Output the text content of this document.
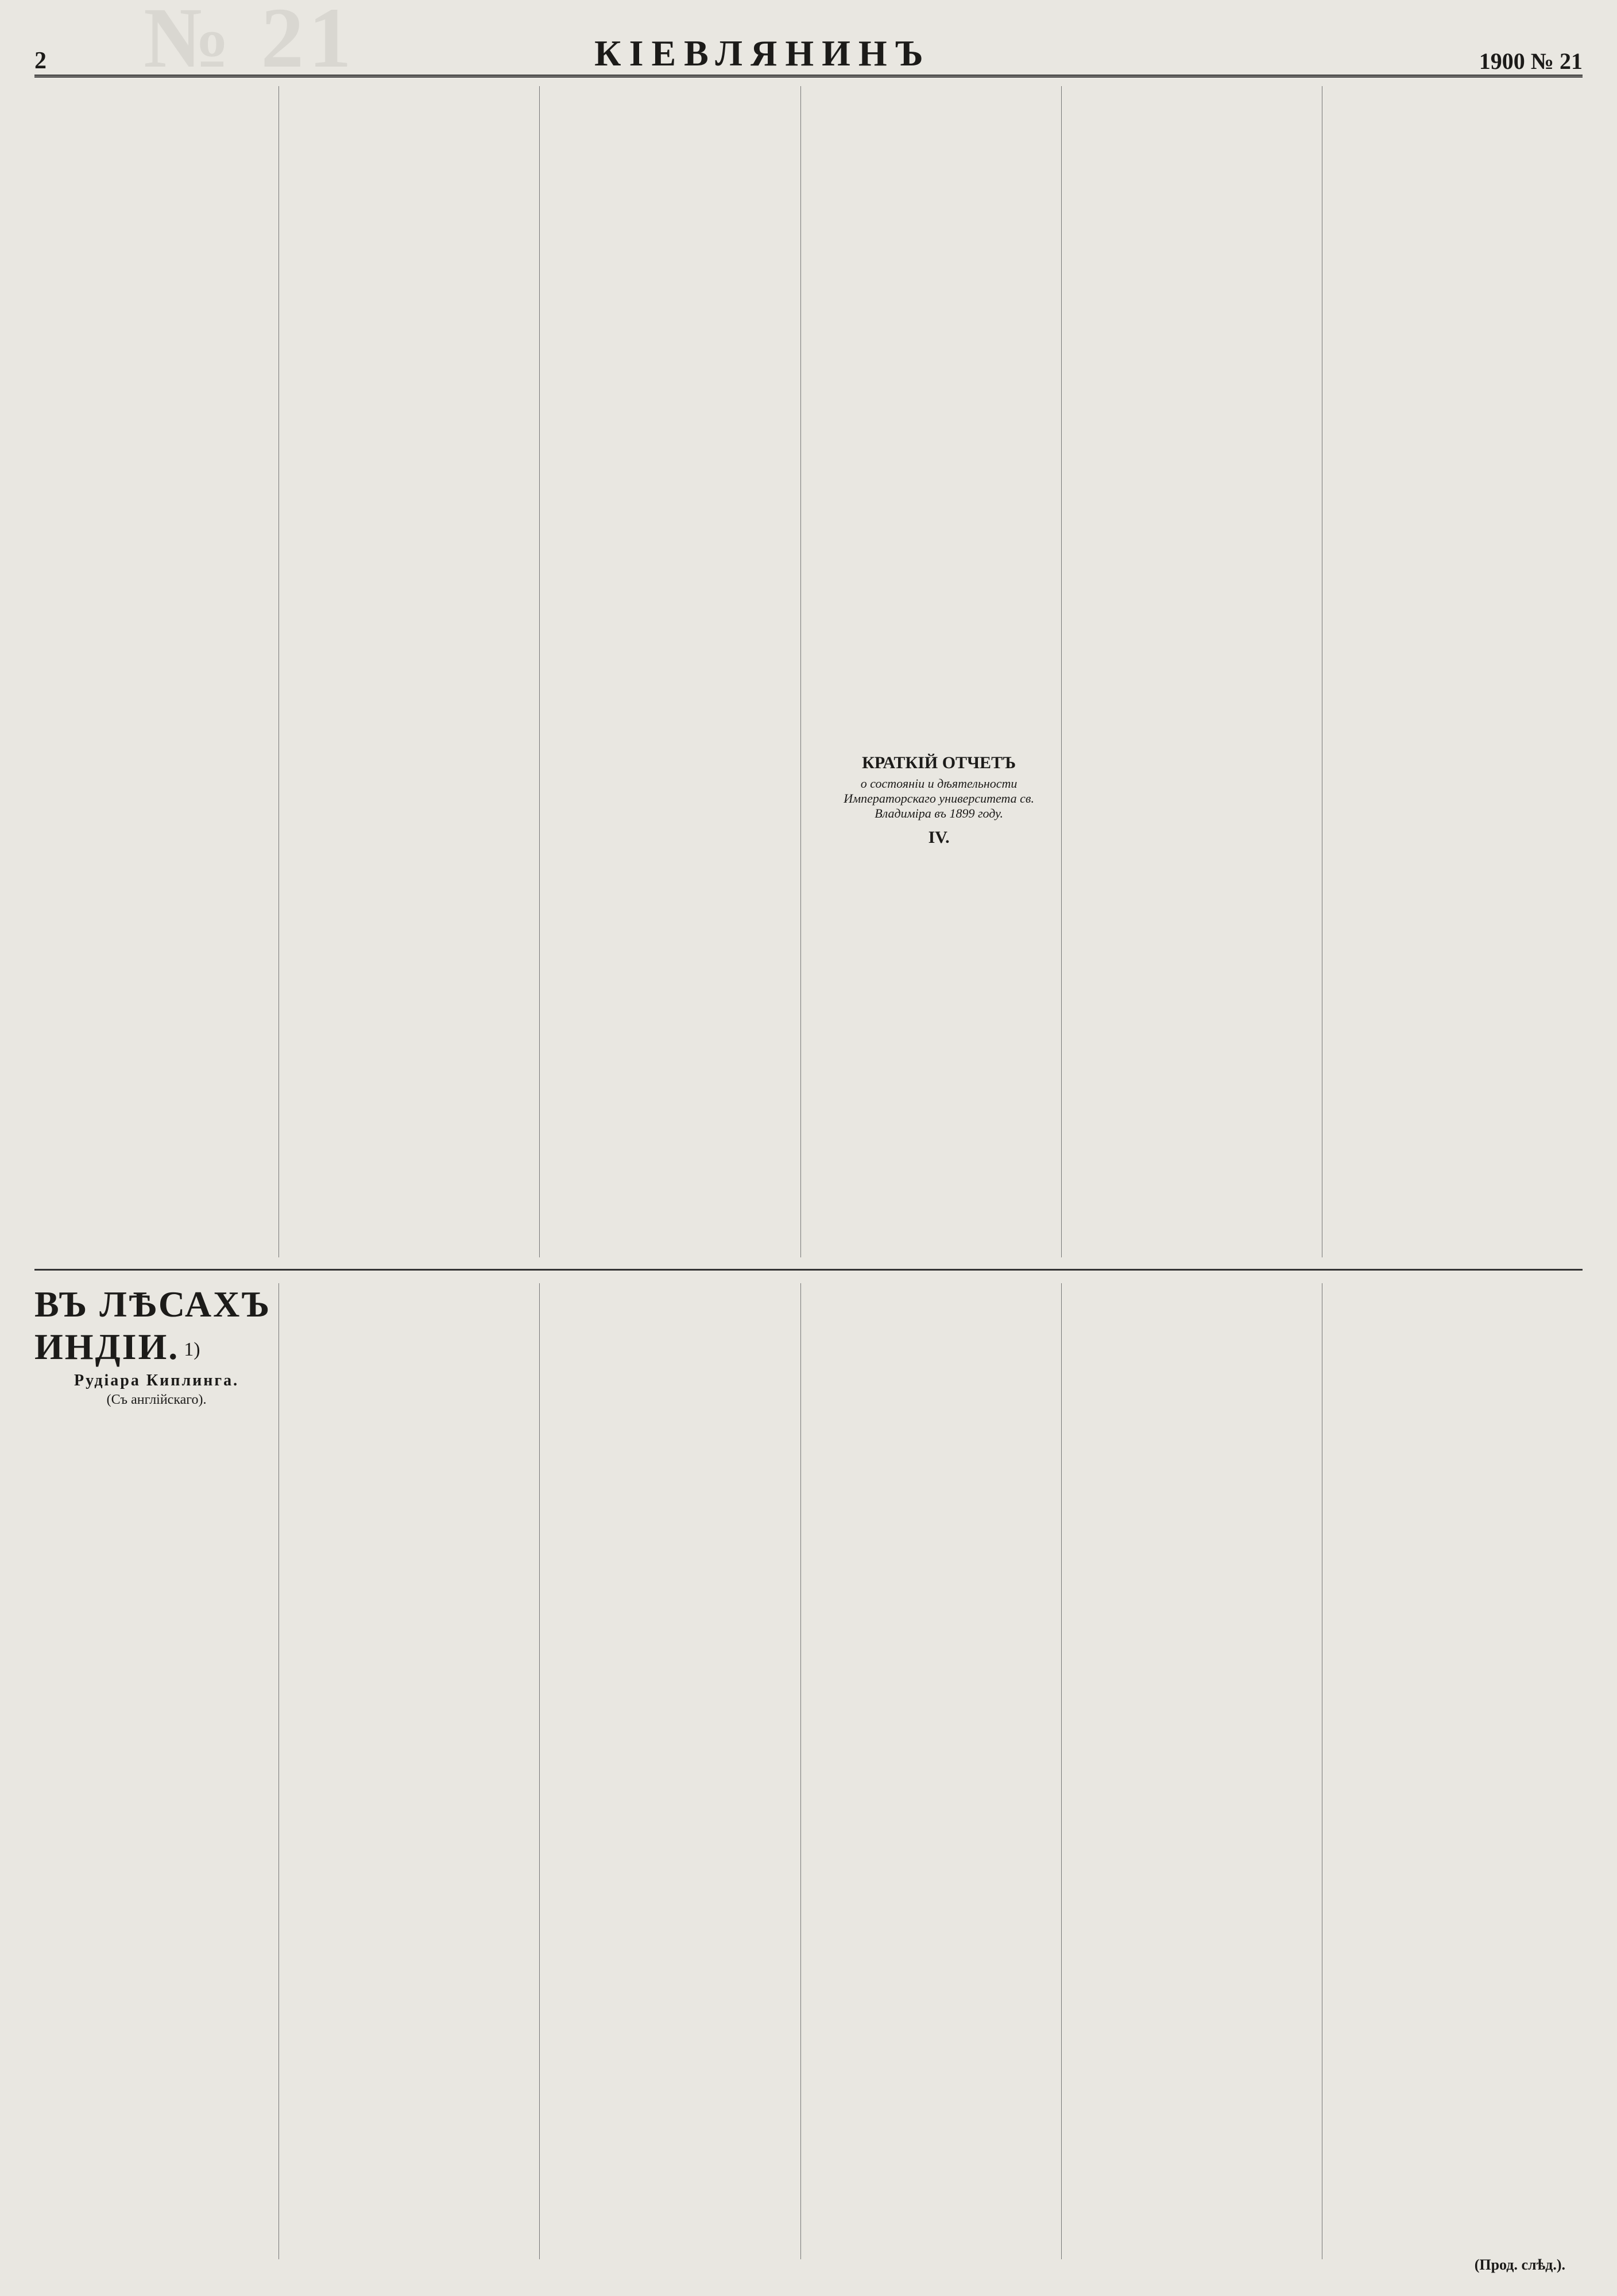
№ 21
2	КІЕВЛЯНИНЪ	1900 № 21
КРАТКІЙ ОТЧЕТЪ
о состояніи и дѣятельности Императорскаго университета св. Владиміра въ 1899 году.
IV.
ВЪ ЛѢСАХЪ ИНДІИ. 1)
Рудіара Киплинга.
(Съ англійскаго).
(Прод. слѣд.).
